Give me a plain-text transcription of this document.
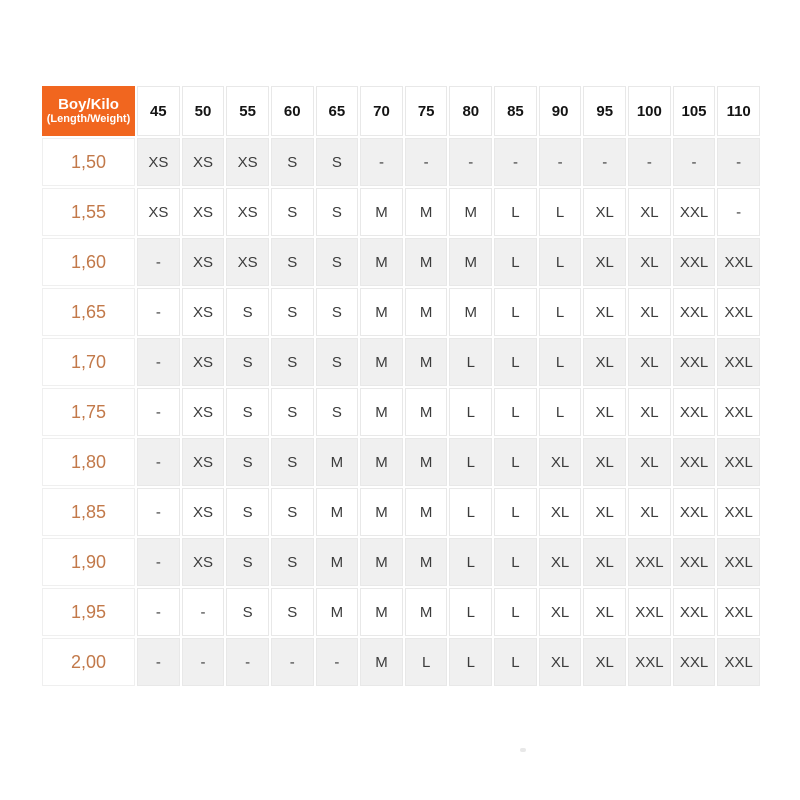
Boy/Kilo
(Length/Weight)	45	50	55	60	65	70	75	80	85	90	95	100	105	110
1,50	XS	XS	XS	S	S	-	-	-	-	-	-	-	-	-
1,55	XS	XS	XS	S	S	M	M	M	L	L	XL	XL	XXL	-
1,60	-	XS	XS	S	S	M	M	M	L	L	XL	XL	XXL	XXL
1,65	-	XS	S	S	S	M	M	M	L	L	XL	XL	XXL	XXL
1,70	-	XS	S	S	S	M	M	L	L	L	XL	XL	XXL	XXL
1,75	-	XS	S	S	S	M	M	L	L	L	XL	XL	XXL	XXL
1,80	-	XS	S	S	M	M	M	L	L	XL	XL	XL	XXL	XXL
1,85	-	XS	S	S	M	M	M	L	L	XL	XL	XL	XXL	XXL
1,90	-	XS	S	S	M	M	M	L	L	XL	XL	XXL	XXL	XXL
1,95	-	-	S	S	M	M	M	L	L	XL	XL	XXL	XXL	XXL
2,00	-	-	-	-	-	M	L	L	L	XL	XL	XXL	XXL	XXL
